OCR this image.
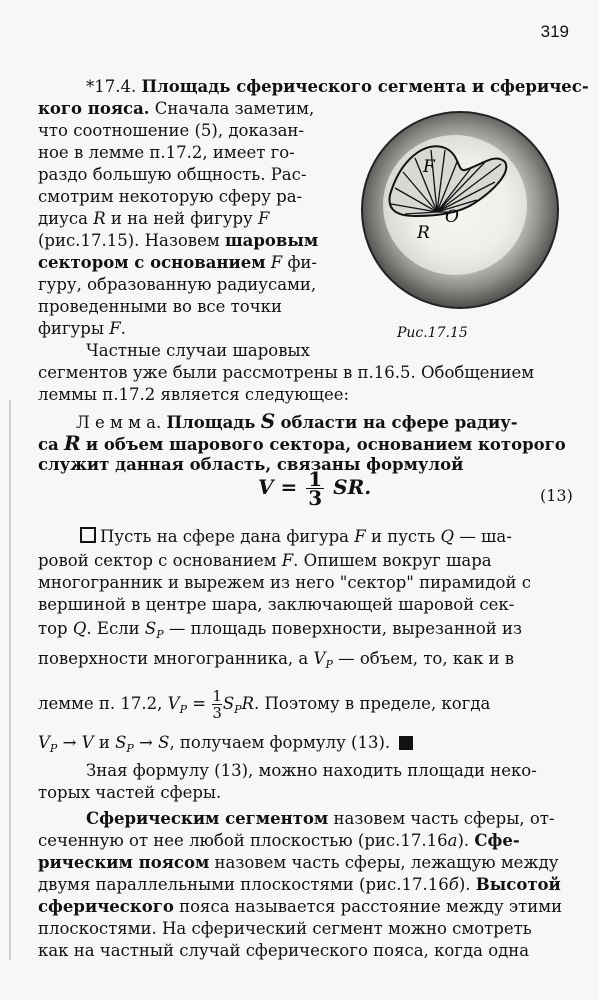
319
*17.4. Площадь сферического сегмента и сферичес-
кого пояса. Сначала заметим,
что соотношение (5), доказан-
ное в лемме п.17.2, имеет го-
раздо большую общность. Рас-
смотрим некоторую сферу ра-
диуса R и на ней фигуру F
(рис.17.15). Назовем шаровым
сектором с основанием F фи-
гуру, образованную радиусами,
проведенными во все точки
фигуры F.
F
R
O
Рис.17.15
Частные случаи шаровых
сегментов уже были рассмотрены в п.16.5. Обобщением
леммы п.17.2 является следующее:
Л е м м а. Площадь S области на сфере радиу-
са R и объем шарового сектора, основанием которого
служит данная область, связаны формулой
$V = \frac{1}{3}$ SR.	(13)
Пусть на сфере дана фигура F и пусть Q — ша-
ровой сектор с основанием F. Опишем вокруг шара
многогранник и вырежем из него "сектор" пирамидой с
вершиной в центре шара, заключающей шаровой сек-
тор Q. Если $S_P$ — площадь поверхности, вырезанной из
поверхности многогранника, а $V_P$ — объем, то, как и в
лемме п. 17.2, $V_P = \frac{1}{3} S_PR$. Поэтому в пределе, когда
$V_P \to V$ и $S_P \to S$, получаем формулу (13).
Зная формулу (13), можно находить площади неко-
торых частей сферы.
Сферическим сегментом назовем часть сферы, от-
сеченную от нее любой плоскостью (рис.17.16а). Сфе-
рическим поясом назовем часть сферы, лежащую между
двумя параллельными плоскостями (рис.17.16б). Высотой
сферического пояса называется расстояние между этими
плоскостями. На сферический сегмент можно смотреть
как на частный случай сферического пояса, когда одна
